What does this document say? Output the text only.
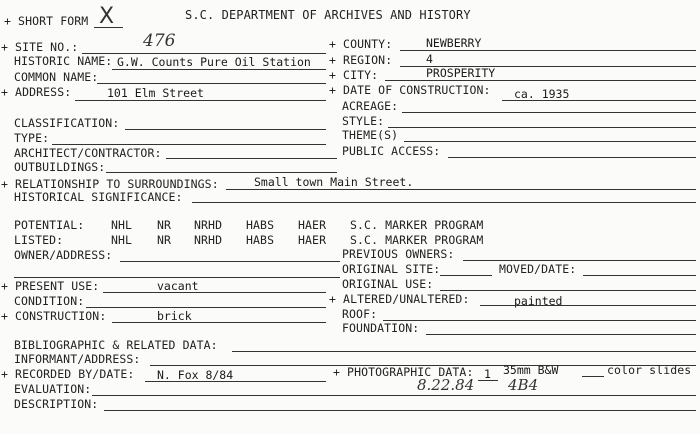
+ SHORT FORM X	S.C. DEPARTMENT OF ARCHIVES AND HISTORY
+ SITE NO.:	476
HISTORIC NAME: G.W. Counts Pure Oil Station
COMMON NAME:
+ ADDRESS:	101 Elm Street
CLASSIFICATION:
TYPE:
ARCHITECT/CONTRACTOR:
OUTBUILDINGS:
+ COUNTY:	NEWBERRY
+ REGION:	4
+ CITY:	PROSPERITY
+ DATE OF CONSTRUCTION: ca. 1935
ACREAGE:
STYLE:
THEME(S)
PUBLIC ACCESS:
+ RELATIONSHIP TO SURROUNDINGS:	Small town Main Street.
HISTORICAL SIGNIFICANCE:
POTENTIAL: NHL NR NRHD HABS HAER S.C. MARKER PROGRAM
LISTED:	NHL NR NRHD HABS HAER S.C. MARKER PROGRAM
OWNER/ADDRESS:	PREVIOUS OWNERS:
ORIGINAL SITE:	MOVED/DATE:
+ PRESENT USE:	vacant	ORIGINAL USE:
CONDITION:	+ ALTERED/UNALTERED:	painted
+ CONSTRUCTION:	brick	ROOF:
FOUNDATION:
BIBLIOGRAPHIC & RELATED DATA:
INFORMANT/ADDRESS:
+ RECORDED BY/DATE: N. Fox 8/84	+ PHOTOGRAPHIC DATA: 1 35mm B&W	color slides
8.22.84 4B4
EVALUATION:
DESCRIPTION:
